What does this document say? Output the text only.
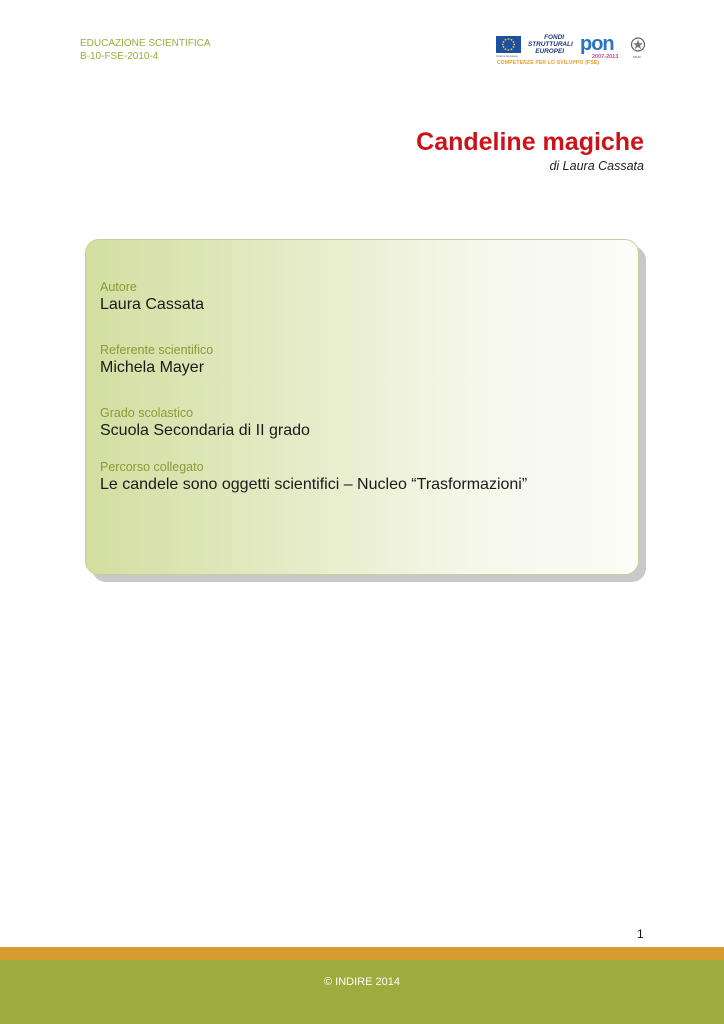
EDUCAZIONE SCIENTIFICA
B-10-FSE-2010-4	Unione Europea
FONDI
STRUTTURALI
EUROPEI pon
2007-2013	MIUR
COMPETENZE PER LO SVILUPPO (FSE)
Candeline magiche
di Laura Cassata
Autore
Laura Cassata
Referente scientifico
Michela Mayer
Grado scolastico
Scuola Secondaria di II grado
Percorso collegato
Le candele sono oggetti scientifici – Nucleo “Trasformazioni”
1
© INDIRE 2014
